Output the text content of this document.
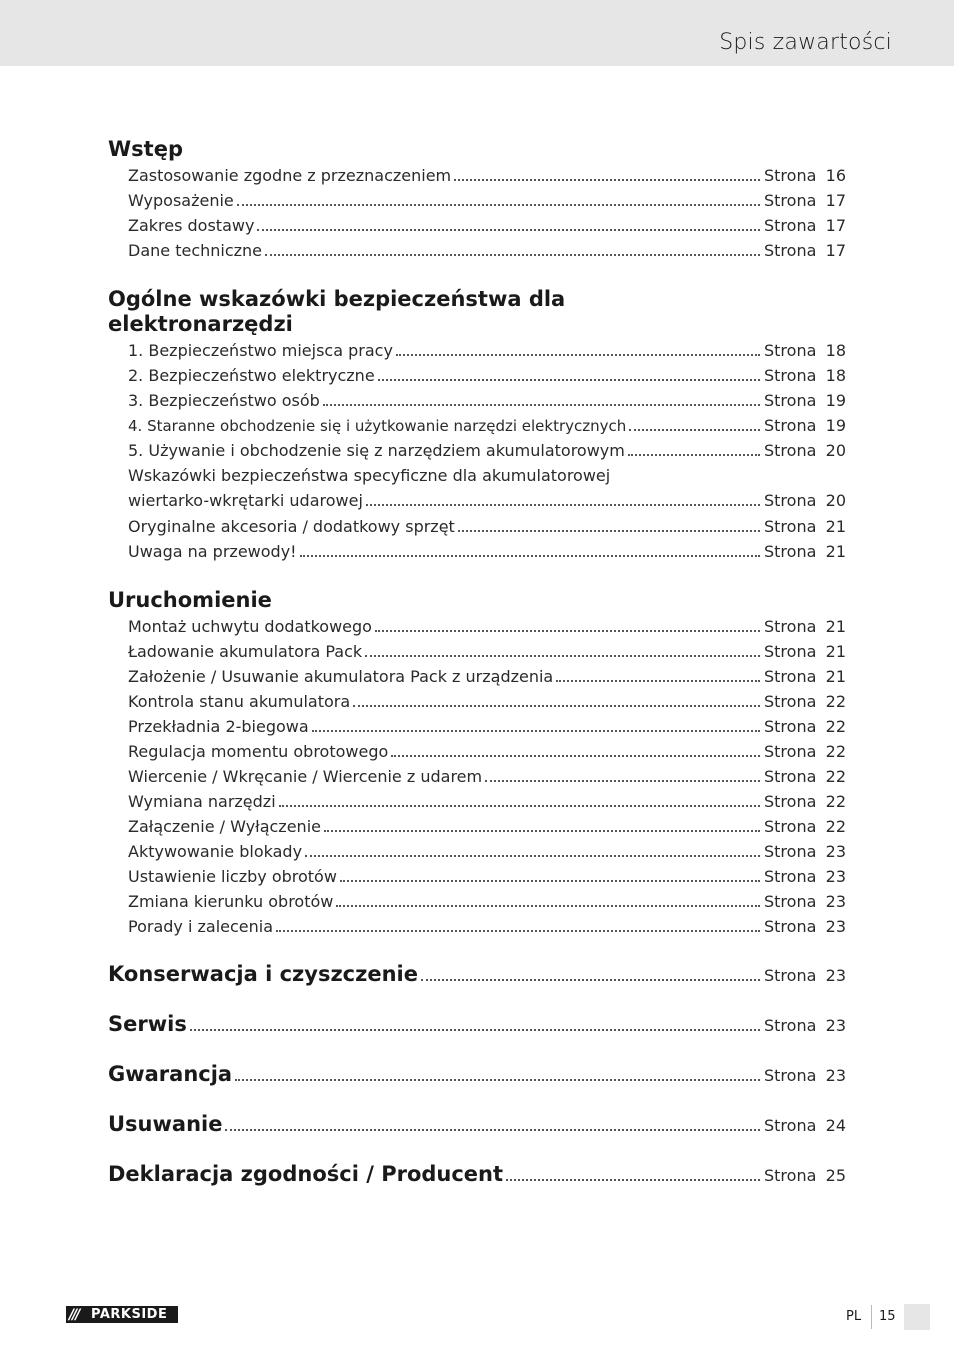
Spis zawartości
Wstęp
Zastosowanie zgodne z przeznaczeniem	Strona 16
Wyposażenie	Strona 17
Zakres dostawy	Strona 17
Dane techniczne	Strona 17
Ogólne wskazówki bezpieczeństwa dla
elektronarzędzi
1. Bezpieczeństwo miejsca pracy	Strona 18
2. Bezpieczeństwo elektryczne	Strona 18
3. Bezpieczeństwo osób	Strona 19
4. Staranne obchodzenie się i użytkowanie narzędzi elektrycznych	Strona 19
5. Używanie i obchodzenie się z narzędziem akumulatorowym	Strona 20
Wskazówki bezpieczeństwa specyficzne dla akumulatorowej
wiertarko-wkrętarki udarowej	Strona 20
Oryginalne akcesoria / dodatkowy sprzęt	Strona 21
Uwaga na przewody!	Strona 21
Uruchomienie
Montaż uchwytu dodatkowego	Strona 21
Ładowanie akumulatora Pack	Strona 21
Założenie / Usuwanie akumulatora Pack z urządzenia	Strona 21
Kontrola stanu akumulatora	Strona 22
Przekładnia 2-biegowa	Strona 22
Regulacja momentu obrotowego	Strona 22
Wiercenie / Wkręcanie / Wiercenie z udarem	Strona 22
Wymiana narzędzi	Strona 22
Załączenie / Wyłączenie	Strona 22
Aktywowanie blokady	Strona 23
Ustawienie liczby obrotów	Strona 23
Zmiana kierunku obrotów	Strona 23
Porady i zalecenia	Strona 23
Konserwacja i czyszczenie	Strona 23
Serwis	Strona 23
Gwarancja	Strona 23
Usuwanie	Strona 24
Deklaracja zgodności / Producent	Strona 25
/// PARKSIDE	PL 15
